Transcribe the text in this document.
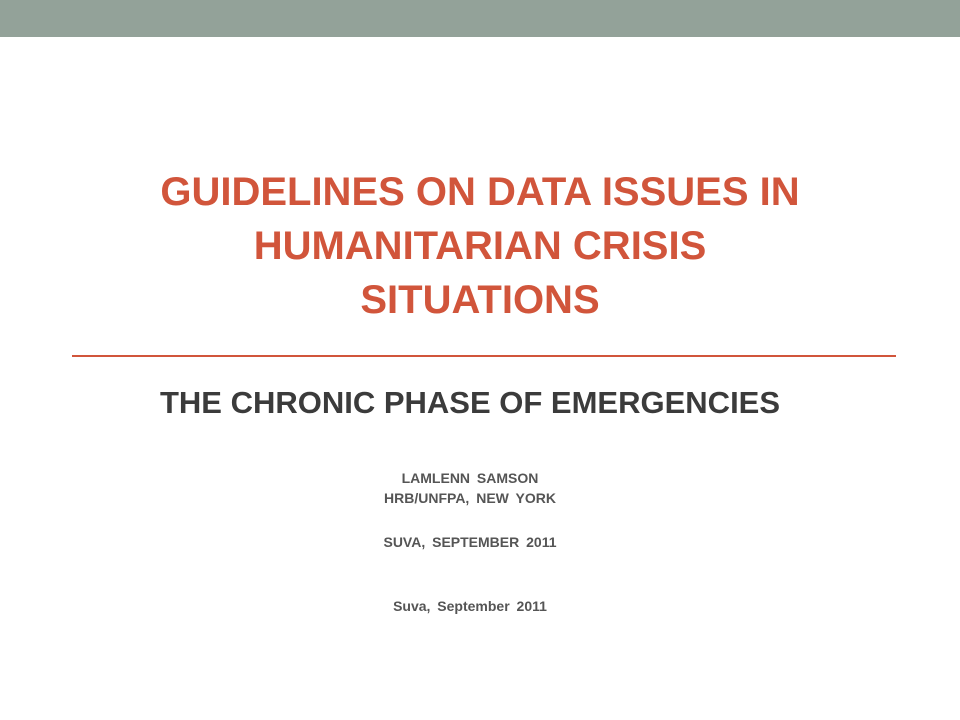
GUIDELINES ON DATA ISSUES IN
HUMANITARIAN CRISIS
SITUATIONS
THE CHRONIC PHASE OF EMERGENCIES
LAMLENN SAMSON
HRB/UNFPA, NEW YORK
SUVA, SEPTEMBER 2011
Suva, September 2011
